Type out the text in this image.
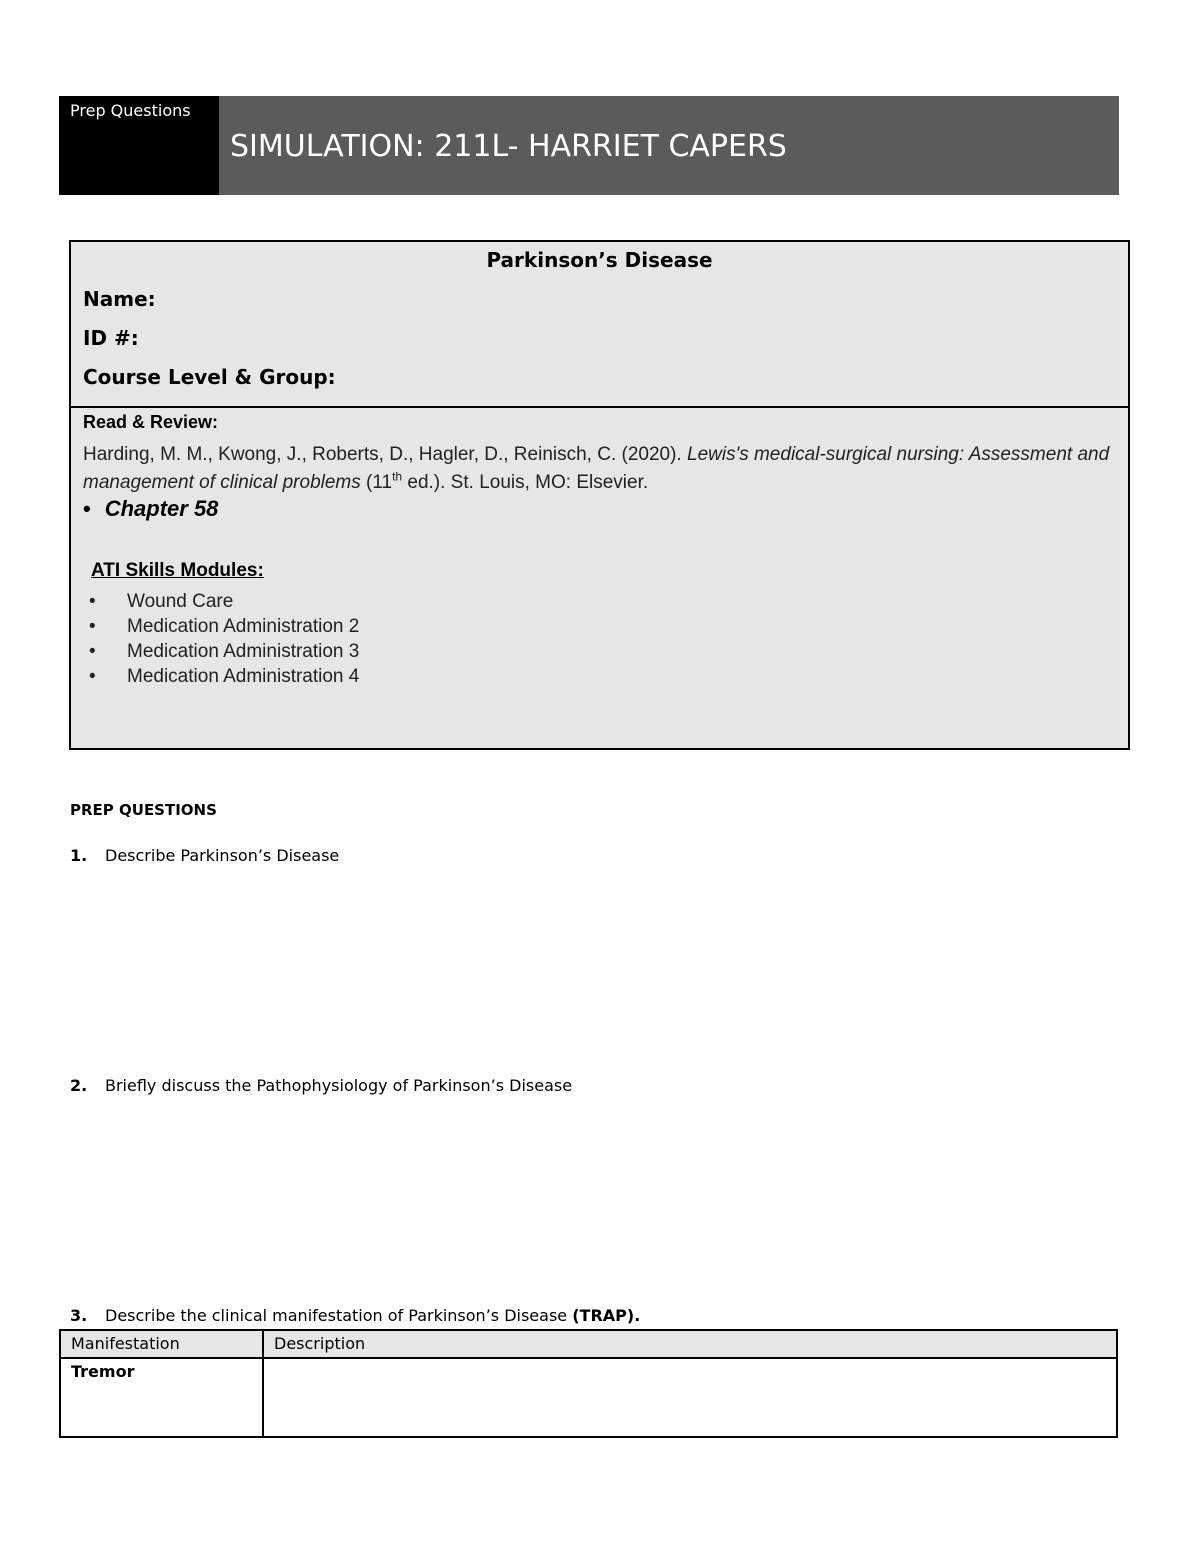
Prep Questions
SIMULATION: 211L- HARRIET CAPERS
Parkinson’s Disease
Name:
ID #:
Course Level & Group:
Read & Review:
Harding, M. M., Kwong, J., Roberts, D., Hagler, D., Reinisch, C. (2020). Lewis's medical-surgical nursing: Assessment and management of clinical problems (11th ed.). St. Louis, MO: Elsevier.
• Chapter 58
ATI Skills Modules:
• Wound Care
• Medication Administration 2
• Medication Administration 3
• Medication Administration 4
PREP QUESTIONS
1. Describe Parkinson’s Disease
2. Briefly discuss the Pathophysiology of Parkinson’s Disease
3. Describe the clinical manifestation of Parkinson’s Disease (TRAP).
Manifestation	Description
Tremor
